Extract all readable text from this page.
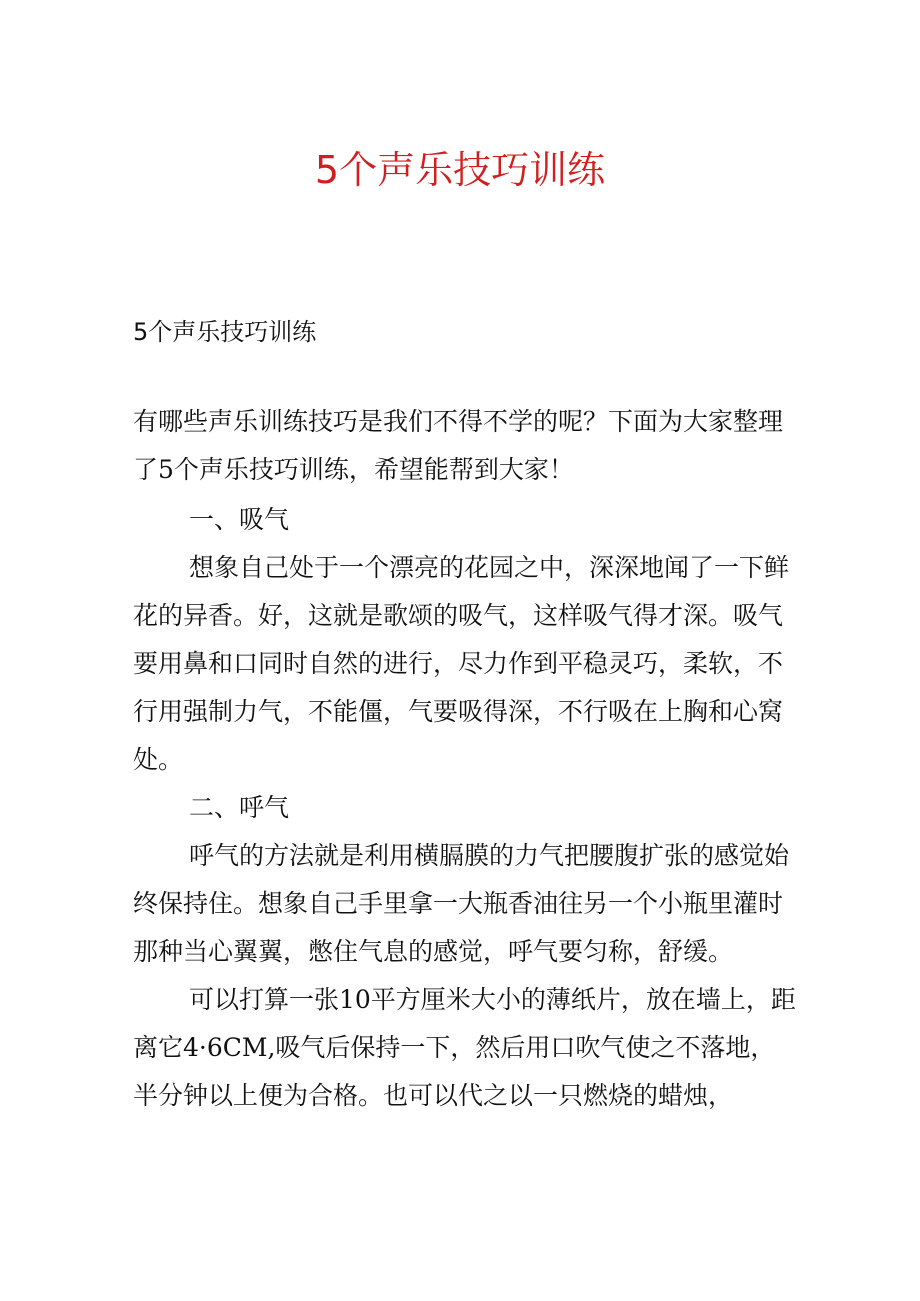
5个声乐技巧训练
5个声乐技巧训练

有哪些声乐训练技巧是我们不得不学的呢？下面为大家整理了5个声乐技巧训练，希望能帮到大家！

一、吸气

想象自己处于一个漂亮的花园之中，深深地闻了一下鲜花的异香。好，这就是歌颂的吸气，这样吸气得才深。吸气要用鼻和口同时自然的进行，尽力作到平稳灵巧，柔软，不行用强制力气，不能僵，气要吸得深，不行吸在上胸和心窝处。

二、呼气

呼气的方法就是利用横膈膜的力气把腰腹扩张的感觉始终保持住。想象自己手里拿一大瓶香油往另一个小瓶里灌时那种当心翼翼，憋住气息的感觉，呼气要匀称，舒缓。

可以打算一张10平方厘米大小的薄纸片，放在墙上，距离它4·6CM,吸气后保持一下，然后用口吹气使之不落地，半分钟以上便为合格。也可以代之以一只燃烧的蜡烛，
